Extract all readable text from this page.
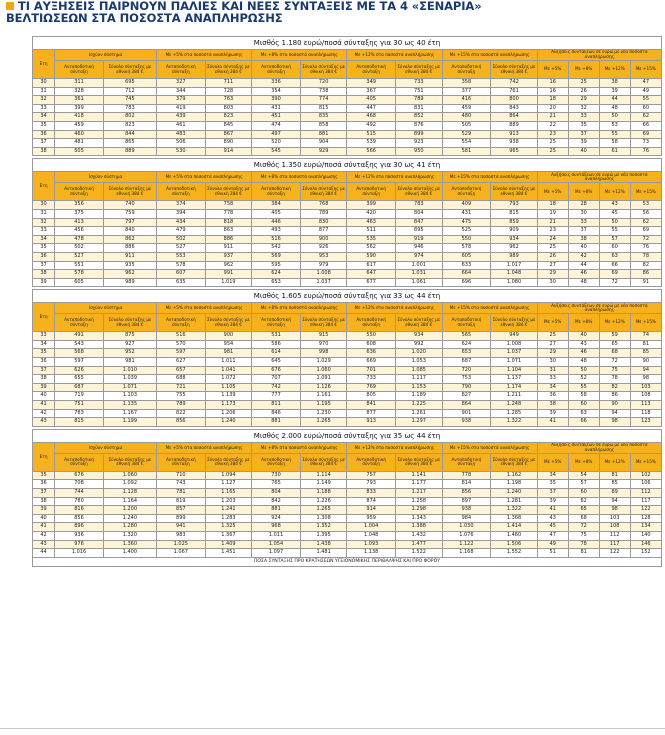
ΤΙ ΑΥΞΗΣΕΙΣ ΠΑΙΡΝΟΥΝ ΠΑΛΙΕΣ ΚΑΙ ΝΕΕΣ ΣΥΝΤΑΞΕΙΣ ΜΕ ΤΑ 4 «ΣΕΝΑΡΙΑ»
ΒΕΛΤΙΩΣΕΩΝ ΣΤΑ ΠΟΣΟΣΤΑ ΑΝΑΠΛΗΡΩΣΗΣ
Μισθός 1.180 ευρώ/ποσά σύνταξης για 30 ως 40 έτη														
Ετη	Ισχύον σύστημα		Με +5% στα ποσοστά αναπλήρωσης		Με +8% στα ποσοστά αναπλήρωσης		Με +12% στα ποσοστά αναπλήρωσης		Με +15% στα ποσοστά αναπλήρωσης		Αυξήσεις συντάξεων σε ευρώ με νέα ποσοστά αναπλήρωσης			
	Ανταποδοτική σύνταξη	Σύνολο σύνταξης με εθνική 384 €	Ανταποδοτική σύνταξη	Σύνολο σύνταξης με εθνική 384 €	Ανταποδοτική σύνταξη	Σύνολο σύνταξης με εθνική 384 €	Ανταποδοτική σύνταξη	Σύνολο σύνταξης με εθνική 384 €	Ανταποδοτική σύνταξη	Σύνολο σύνταξης με εθνική 384 €	Με +5%	Με +8%	Με +12%	Με +15%
30	311	695	327	711	336	720	349	733	358	742	16	25	38	47
31	328	712	344	728	354	738	367	751	377	761	16	26	39	49
32	361	745	379	763	390	774	405	789	416	800	18	29	44	55
33	399	783	419	803	431	815	447	831	459	843	20	32	48	60
34	418	802	439	823	451	835	468	852	480	864	21	33	50	62
35	459	823	461	845	474	858	492	876	505	889	22	35	53	66
36	460	844	483	867	497	881	515	899	529	913	23	37	55	69
37	481	865	506	890	520	904	539	923	554	938	25	39	58	73
38	505	889	530	914	545	929	566	950	581	965	25	40	61	76
Μισθός 1.350 ευρώ/ποσά σύνταξης για 30 ως 41 έτη														
Ετη	Ισχύον σύστημα		Με +5% στα ποσοστά αναπλήρωσης		Με +8% στα ποσοστά αναπλήρωσης		Με +12% στα ποσοστά αναπλήρωσης		Με +15% στα ποσοστά αναπλήρωσης		Αυξήσεις συντάξεων σε ευρώ με νέα ποσοστά αναπλήρωσης			
	Ανταποδοτική σύνταξη	Σύνολο σύνταξης με εθνική 384 €	Ανταποδοτική σύνταξη	Σύνολο σύνταξης με εθνική 384 €	Ανταποδοτική σύνταξη	Σύνολο σύνταξης με εθνική 384 €	Ανταποδοτική σύνταξη	Σύνολο σύνταξης με εθνική 384 €	Ανταποδοτική σύνταξη	Σύνολο σύνταξης με εθνική 384 €	Με +5%	Με +8%	Με +12%	Με +15%
30	356	740	374	758	384	768	399	783	409	793	18	28	43	53
31	375	759	394	778	405	789	420	804	431	815	19	30	45	56
32	413	797	434	818	446	830	463	847	475	859	21	33	50	62
33	456	840	479	863	493	877	511	895	525	909	23	37	55	69
34	478	862	502	886	516	900	535	919	550	934	24	38	57	72
35	502	886	527	911	542	926	562	946	578	962	25	40	60	76
36	527	911	553	937	569	953	590	974	605	989	26	42	63	78
37	551	935	578	962	595	979	617	1.001	633	1.017	27	44	66	82
38	578	962	607	991	624	1.008	647	1.031	664	1.048	29	46	69	86
39	605	989	635	1.019	653	1.037	677	1.061	696	1.080	30	48	72	91
Μισθός 1.605 ευρώ/ποσά σύνταξης για 33 ως 44 έτη														
Ετη	Ισχύον σύστημα		Με +5% στα ποσοστά αναπλήρωσης		Με +8% στα ποσοστά αναπλήρωσης		Με +12% στα ποσοστά αναπλήρωσης		Με +15% στα ποσοστά αναπλήρωσης		Αυξήσεις συντάξεων σε ευρώ με νέα ποσοστά αναπλήρωσης			
	Ανταποδοτική σύνταξη	Σύνολο σύνταξης με εθνική 384 €	Ανταποδοτική σύνταξη	Σύνολο σύνταξης με εθνική 384 €	Ανταποδοτική σύνταξη	Σύνολο σύνταξης με εθνική 384 €	Ανταποδοτική σύνταξη	Σύνολο σύνταξης με εθνική 384 €	Ανταποδοτική σύνταξη	Σύνολο σύνταξης με εθνική 384 €	Με +5%	Με +8%	Με +12%	Με +15%
33	491	875	516	900	531	915	550	934	565	949	25	40	59	74
34	543	927	570	954	586	970	608	992	624	1.008	27	43	65	81
35	568	952	597	981	614	998	636	1.020	653	1.037	29	46	68	85
36	597	981	627	1.011	645	1.029	669	1.053	687	1.071	30	48	72	90
37	626	1.010	657	1.041	676	1.060	701	1.085	720	1.104	31	50	75	94
38	655	1.039	688	1.072	707	1.091	733	1.117	753	1.137	33	52	78	98
39	687	1.071	721	1.105	742	1.126	769	1.153	790	1.174	34	55	82	103
40	719	1.103	755	1.139	777	1.161	805	1.189	827	1.211	36	58	86	108
41	751	1.135	789	1.173	811	1.195	841	1.225	864	1.248	38	60	90	113
42	783	1.167	822	1.206	846	1.230	877	1.261	901	1.285	39	63	94	118
43	815	1.199	856	1.240	881	1.265	913	1.297	938	1.322	41	66	98	123
Μισθός 2.000 ευρώ/ποσά σύνταξης για 35 ως 44 έτη														
Ετη	Ισχύον σύστημα		Με +5% στα ποσοστά αναπλήρωσης		Με +8% στα ποσοστά αναπλήρωσης		Με +12% στα ποσοστά αναπλήρωσης		Με +15% στα ποσοστά αναπλήρωσης		Αυξήσεις συντάξεων σε ευρώ με νέα ποσοστά αναπλήρωσης			
	Ανταποδοτική σύνταξη	Σύνολο σύνταξης με εθνική 384 €	Ανταποδοτική σύνταξη	Σύνολο σύνταξης με εθνική 384 €	Ανταποδοτική σύνταξη	Σύνολο σύνταξης με εθνική 384 €	Ανταποδοτική σύνταξη	Σύνολο σύνταξης με εθνική 384 €	Ανταποδοτική σύνταξη	Σύνολο σύνταξης με εθνική 384 €	Με +5%	Με +8%	Με +12%	Με +15%
35	676	1.060	710	1.094	730	1.114	757	1.141	778	1.162	34	54	81	102
36	708	1.092	743	1.127	765	1.149	793	1.177	814	1.198	35	57	85	106
37	744	1.128	781	1.165	804	1.188	833	1.217	856	1.240	37	60	89	112
38	780	1.164	819	1.203	842	1.226	874	1.258	897	1.281	39	62	94	117
39	816	1.200	857	1.241	881	1.265	914	1.298	938	1.322	41	65	98	122
40	856	1.240	899	1.283	924	1.308	959	1.343	984	1.368	43	68	103	128
41	896	1.280	941	1.325	968	1.352	1.004	1.388	1.030	1.414	45	72	108	134
42	936	1.320	983	1.367	1.011	1.395	1.048	1.432	1.076	1.460	47	75	112	140
43	976	1.360	1.025	1.409	1.054	1.438	1.093	1.477	1.122	1.506	49	78	117	146
44	1.016	1.400	1.067	1.451	1.097	1.481	1.138	1.522	1.168	1.552	51	81	122	152
ΠΟΣΑ ΣΥΝΤΑΞΗΣ ΠΡΟ ΚΡΑΤΗΣΕΩΝ ΥΓΕΙΟΝΟΜΙΚΗΣ ΠΕΡΙΘΑΛΨΗΣ ΚΑΙ ΠΡΟ ΦΟΡΟΥ														
